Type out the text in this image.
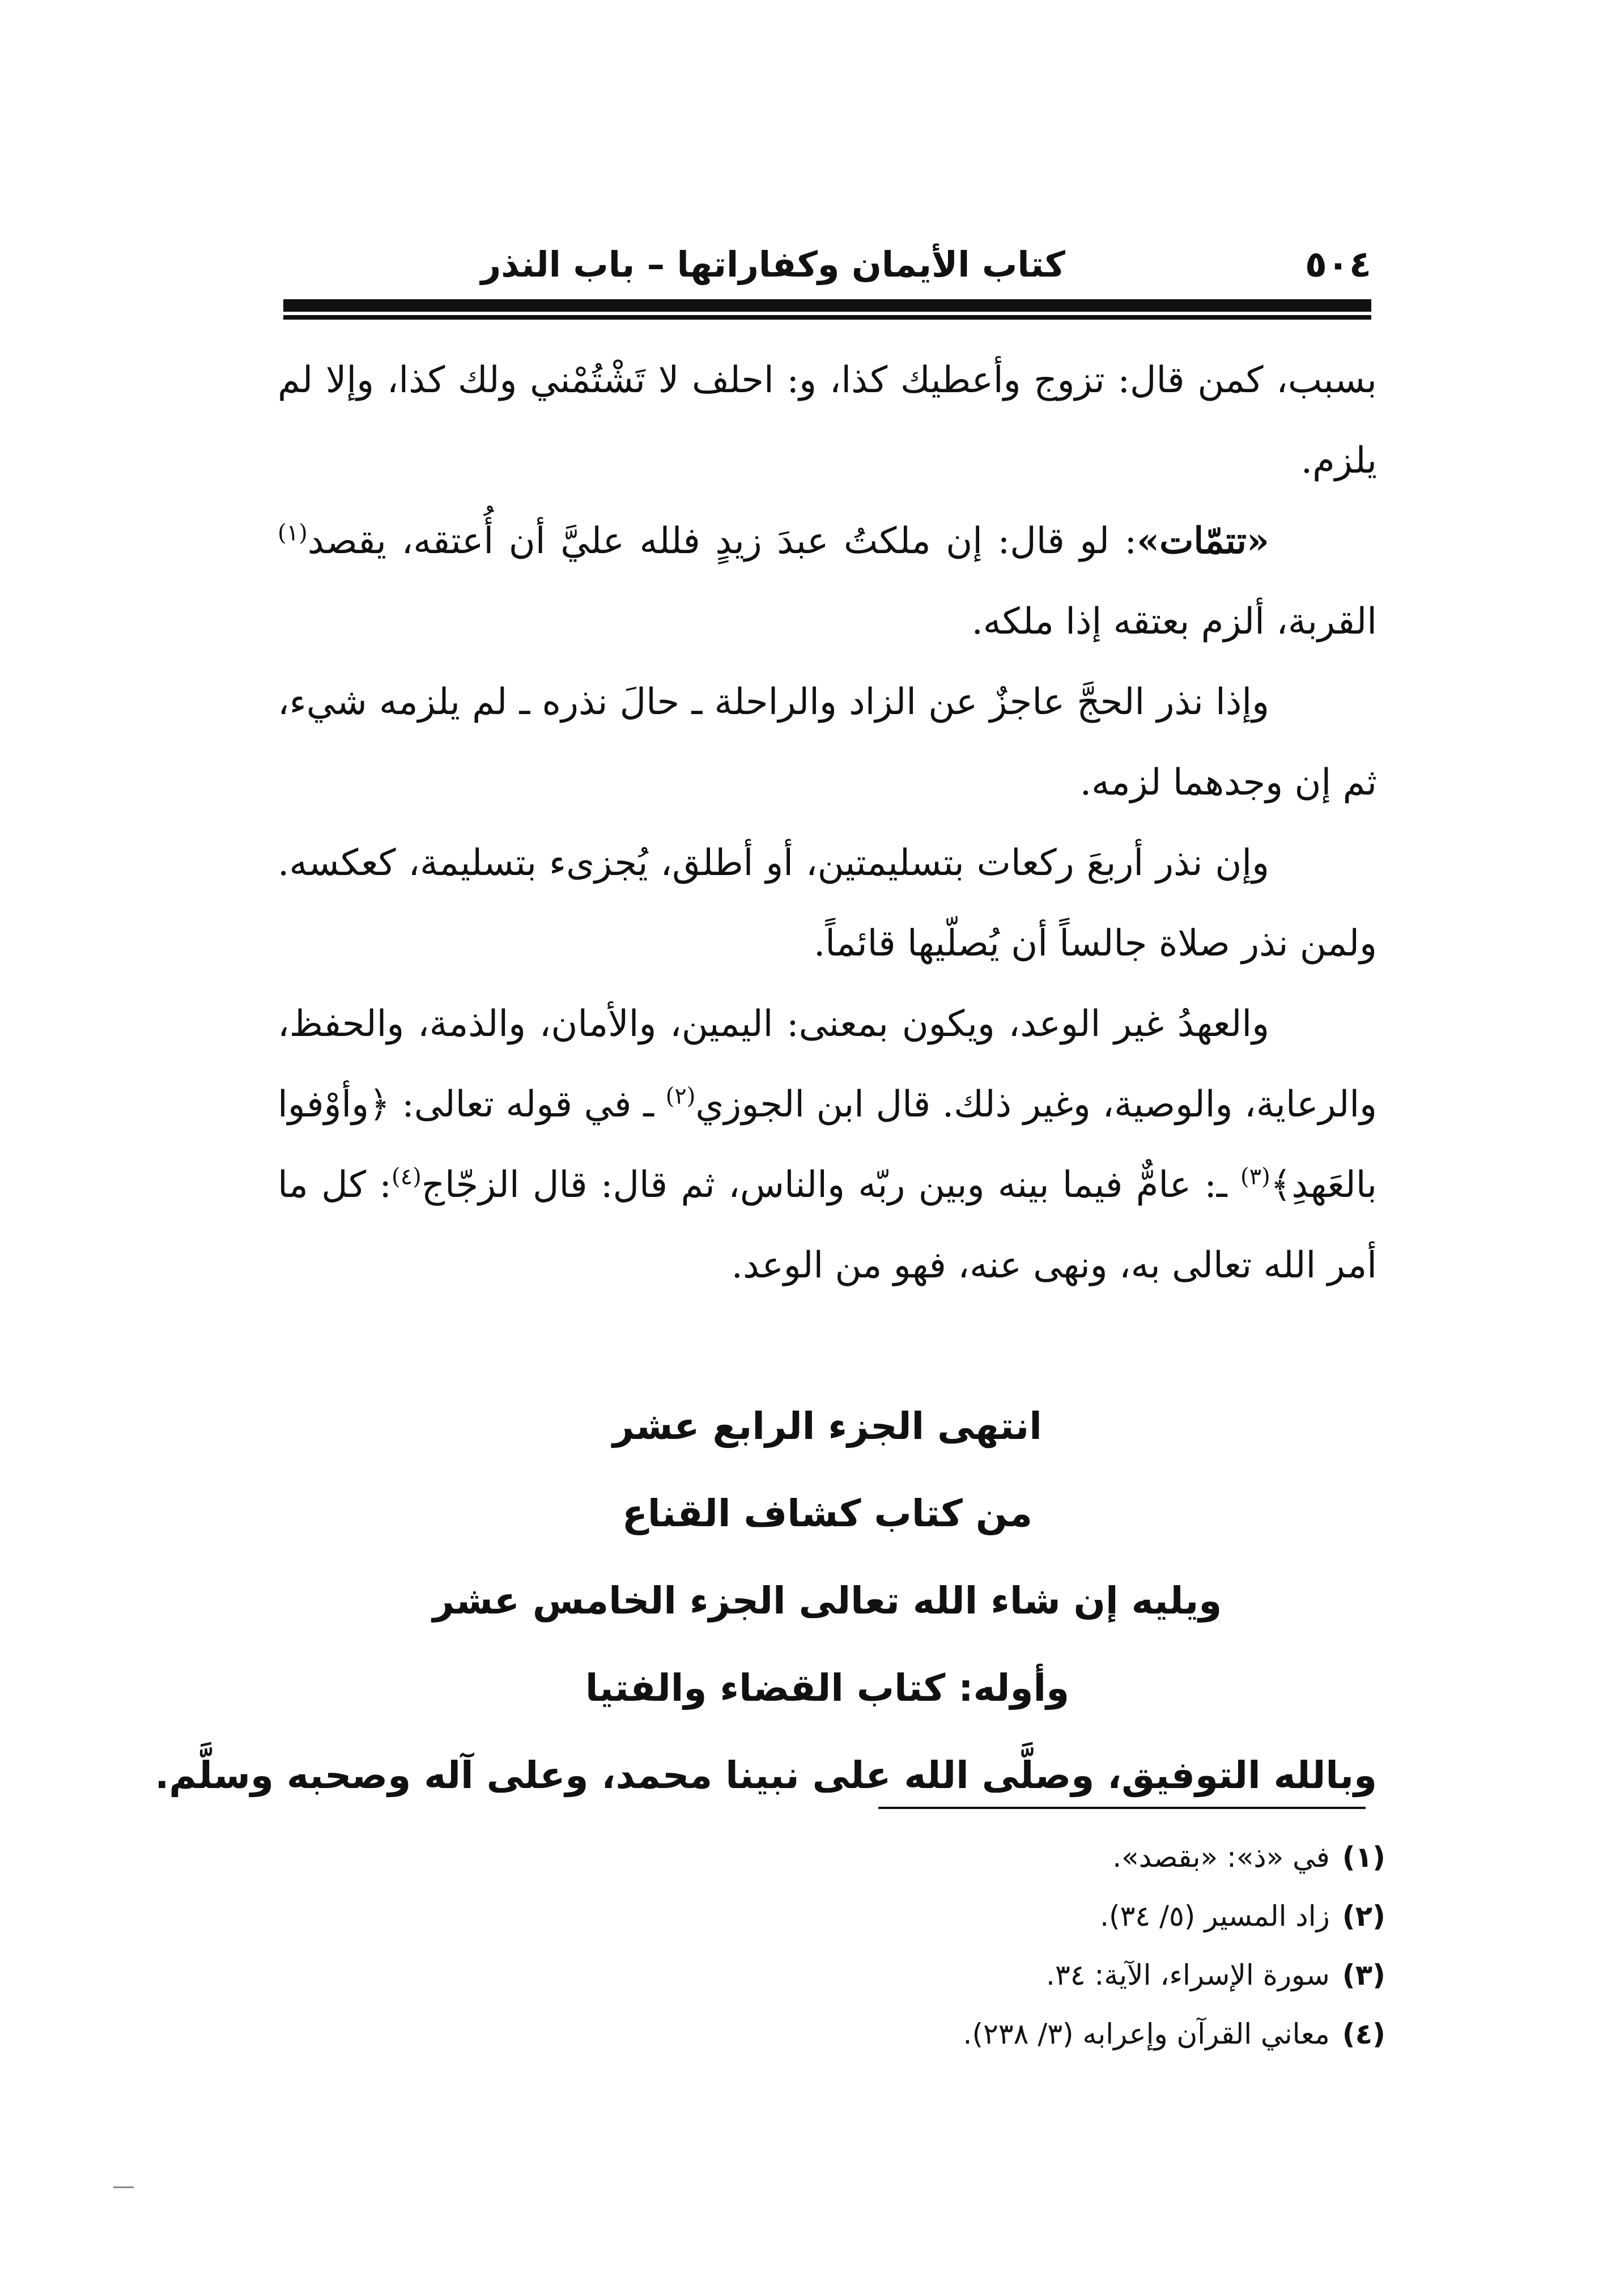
كتاب الأيمان وكفاراتها – باب النذر	٥٠٤

بسبب، كمن قال: تزوج وأعطيك كذا، و: احلف لا تَشْتُمْني ولك كذا، وإلا لم يلزم.

«تتمّات»: لو قال: إن ملكتُ عبدَ زيدٍ فلله عليَّ أن أُعتقه، يقصد$^{(١)}$ القربة، ألزم بعتقه إذا ملكه.

وإذا نذر الحجَّ عاجزٌ عن الزاد والراحلة ـ حالَ نذره ـ لم يلزمه شيء، ثم إن وجدهما لزمه.

وإن نذر أربعَ ركعات بتسليمتين، أو أطلق، يُجزىء بتسليمة، كعكسه. ولمن نذر صلاة جالساً أن يُصلّيها قائماً.

والعهدُ غير الوعد، ويكون بمعنى: اليمين، والأمان، والذمة، والحفظ، والرعاية، والوصية، وغير ذلك. قال ابن الجوزي$^{(٢)}$ ـ في قوله تعالى: ﴿وأوْفوا بالعَهدِ﴾$^{(٣)}$ ـ: عامٌّ فيما بينه وبين ربّه والناس، ثم قال: قال الزجّاج$^{(٤)}$: كل ما أمر الله تعالى به، ونهى عنه، فهو من الوعد.

انتهى الجزء الرابع عشر
من كتاب كشاف القناع
ويليه إن شاء الله تعالى الجزء الخامس عشر
وأوله: كتاب القضاء والفتيا
وبالله التوفيق، وصلَّى الله على نبينا محمد، وعلى آله وصحبه وسلَّم.
(١)في «ذ»: «بقصد».
(٢)زاد المسير (٥/ ٣٤).
(٣)سورة الإسراء، الآية: ٣٤.
(٤)معاني القرآن وإعرابه (٣/ ٢٣٨).
